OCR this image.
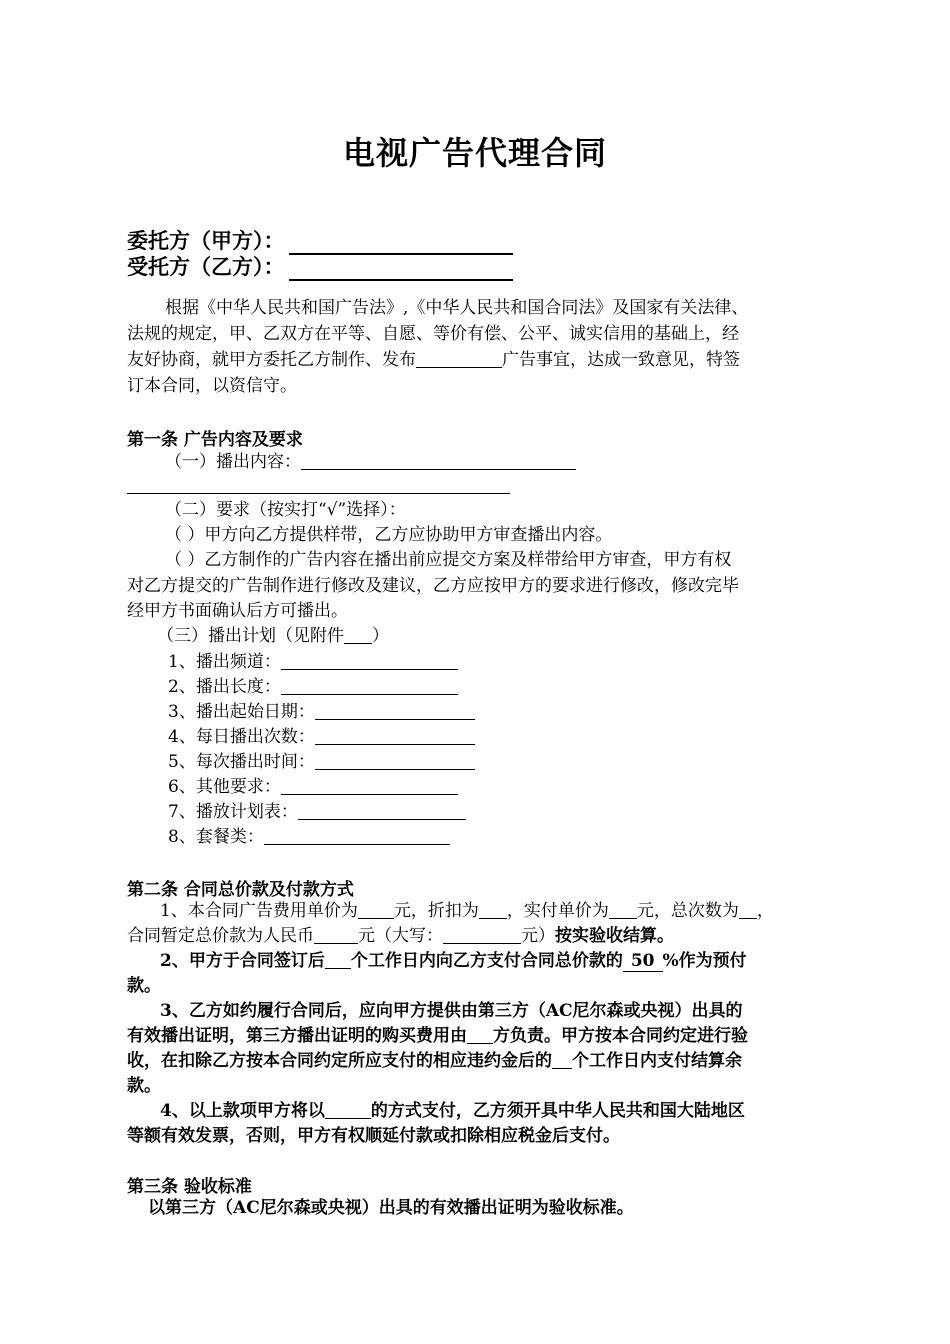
电视广告代理合同
委托方（甲方）：
受托方（乙方）：
根据《中华人民共和国广告法》,《中华人民共和国合同法》及国家有关法律、
法规的规定，甲、乙双方在平等、自愿、等价有偿、公平、诚实信用的基础上，经
友好协商，就甲方委托乙方制作、发布	广告事宜，达成一致意见，特签
订本合同，以资信守。
第一条 广告内容及要求
（一）播出内容：
（二）要求（按实打“√”选择）：
（ ）甲方向乙方提供样带，乙方应协助甲方审查播出内容。
（ ）乙方制作的广告内容在播出前应提交方案及样带给甲方审查，甲方有权
对乙方提交的广告制作进行修改及建议，乙方应按甲方的要求进行修改，修改完毕
经甲方书面确认后方可播出。
（三）播出计划（见附件 ）
1、播出频道：
2、播出长度：
3、播出起始日期：
4、每日播出次数：
5、每次播出时间：
6、其他要求：
7、播放计划表：
8、套餐类：
第二条 合同总价款及付款方式
1、本合同广告费用单价为 元，折扣为 ，实付单价为 元，总次数为 ，
合同暂定总价款为人民币	元（大写：	元）按实验收结算。
2、甲方于合同签订后 个工作日内向乙方支付合同总价款的 50 %作为预付
款。
3、乙方如约履行合同后，应向甲方提供由第三方（AC尼尔森或央视）出具的
有效播出证明，第三方播出证明的购买费用由 方负责。甲方按本合同约定进行验
收，在扣除乙方按本合同约定所应支付的相应违约金后的 个工作日内支付结算余
款。
4、以上款项甲方将以	的方式支付，乙方须开具中华人民共和国大陆地区
等额有效发票，否则，甲方有权顺延付款或扣除相应税金后支付。
第三条 验收标准
以第三方（AC尼尔森或央视）出具的有效播出证明为验收标准。
